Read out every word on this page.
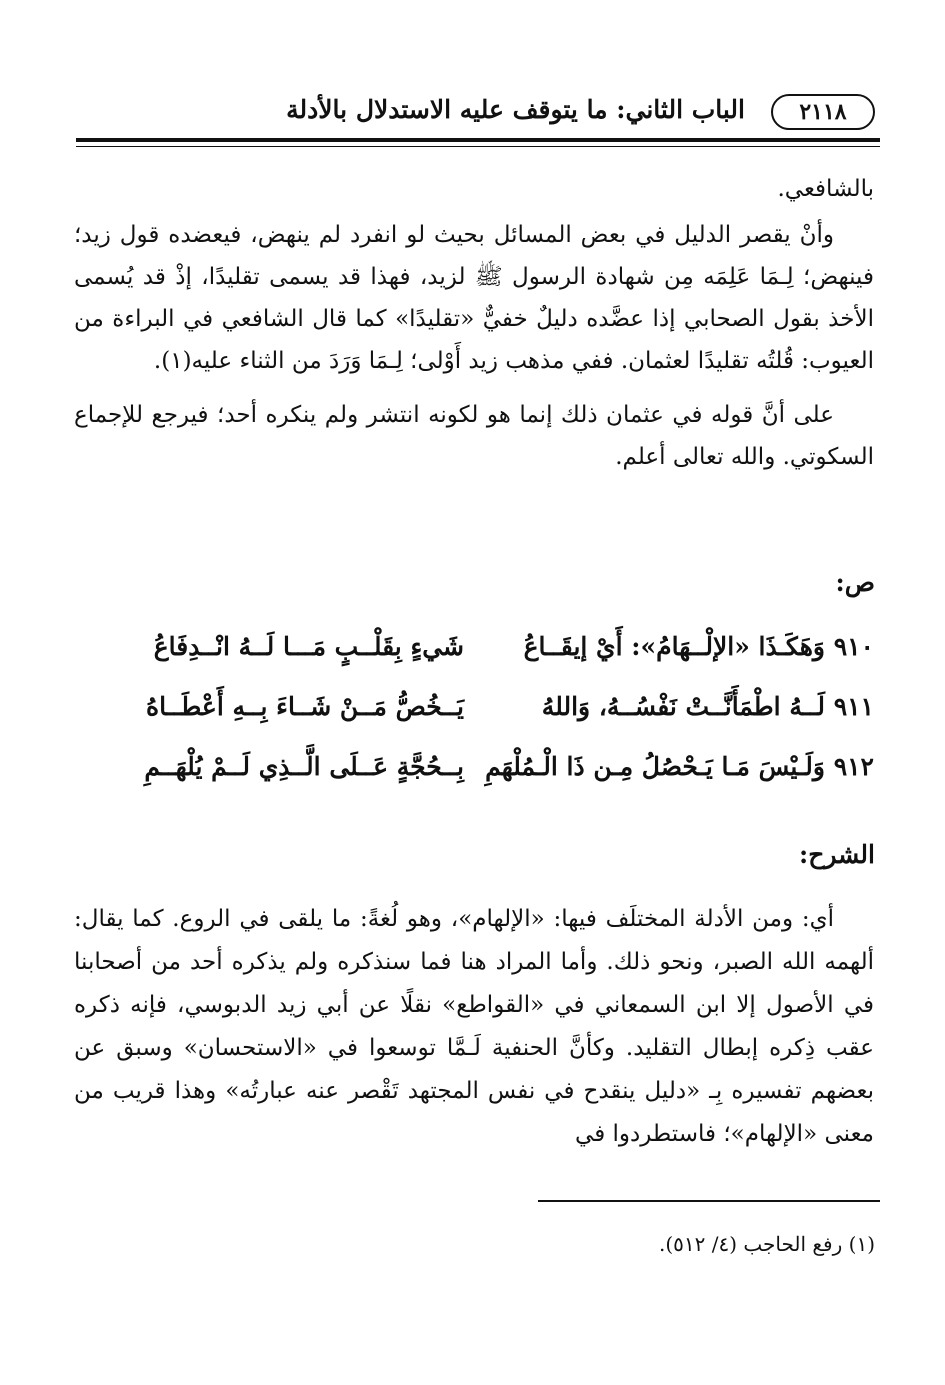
٢١١٨
الباب الثاني: ما يتوقف عليه الاستدلال بالأدلة

بالشافعي.

وأنْ يقصر الدليل في بعض المسائل بحيث لو انفرد لم ينهض، فيعضده قول زيد؛ فينهض؛ لِـمَا عَلِمَه مِن شهادة الرسول ﷺ لزيد، فهذا قد يسمى تقليدًا، إذْ قد يُسمى الأخذ بقول الصحابي إذا عضَّده دليلٌ خفيٌّ «تقليدًا» كما قال الشافعي في البراءة من العيوب: قُلتُه تقليدًا لعثمان. ففي مذهب زيد أَوْلى؛ لِـمَا وَرَدَ من الثناء عليه(١).

على أنَّ قوله في عثمان ذلك إنما هو لكونه انتشر ولم ينكره أحد؛ فيرجع للإجماع السكوتي. والله تعالى أعلم.

ص:
٩١٠ وَهَكَـذَا «الإلْــهَامُ»: أَيْ إيقَــاعُ
شَيءٍ بِقَلْــبٍ مَـــا لَــهُ انْــدِفَاعُ
٩١١ لَــهُ اطْمَأَنَّــتْ نَفْسُــهُ، وَاللهُ
يَــخُصُّ مَــنْ شَــاءَ بِــهِ أَعْطَــاهُ
٩١٢ وَلَـيْسَ مَـا يَـحْصُلُ مِـن ذَا الْـمُلْهَمِ
بِــحُجَّةٍ عَــلَى الَّــذِي لَــمْ يُلْهَــمِ
الشرح:

أي: ومن الأدلة المختلَف فيها: «الإلهام»، وهو لُغةً: ما يلقى في الروع. كما يقال: ألهمه الله الصبر، ونحو ذلك. وأما المراد هنا فما سنذكره ولم يذكره أحد من أصحابنا في الأصول إلا ابن السمعاني في «القواطع» نقلًا عن أبي زيد الدبوسي، فإنه ذكره عقب ذِكره إبطال التقليد. وكأنَّ الحنفية لَـمَّا توسعوا في «الاستحسان» وسبق عن بعضهم تفسيره بِـ «دليل ينقدح في نفس المجتهد تَقْصر عنه عبارتُه» وهذا قريب من معنى «الإلهام»؛ فاستطردوا في

(١) رفع الحاجب (٤/ ٥١٢).
